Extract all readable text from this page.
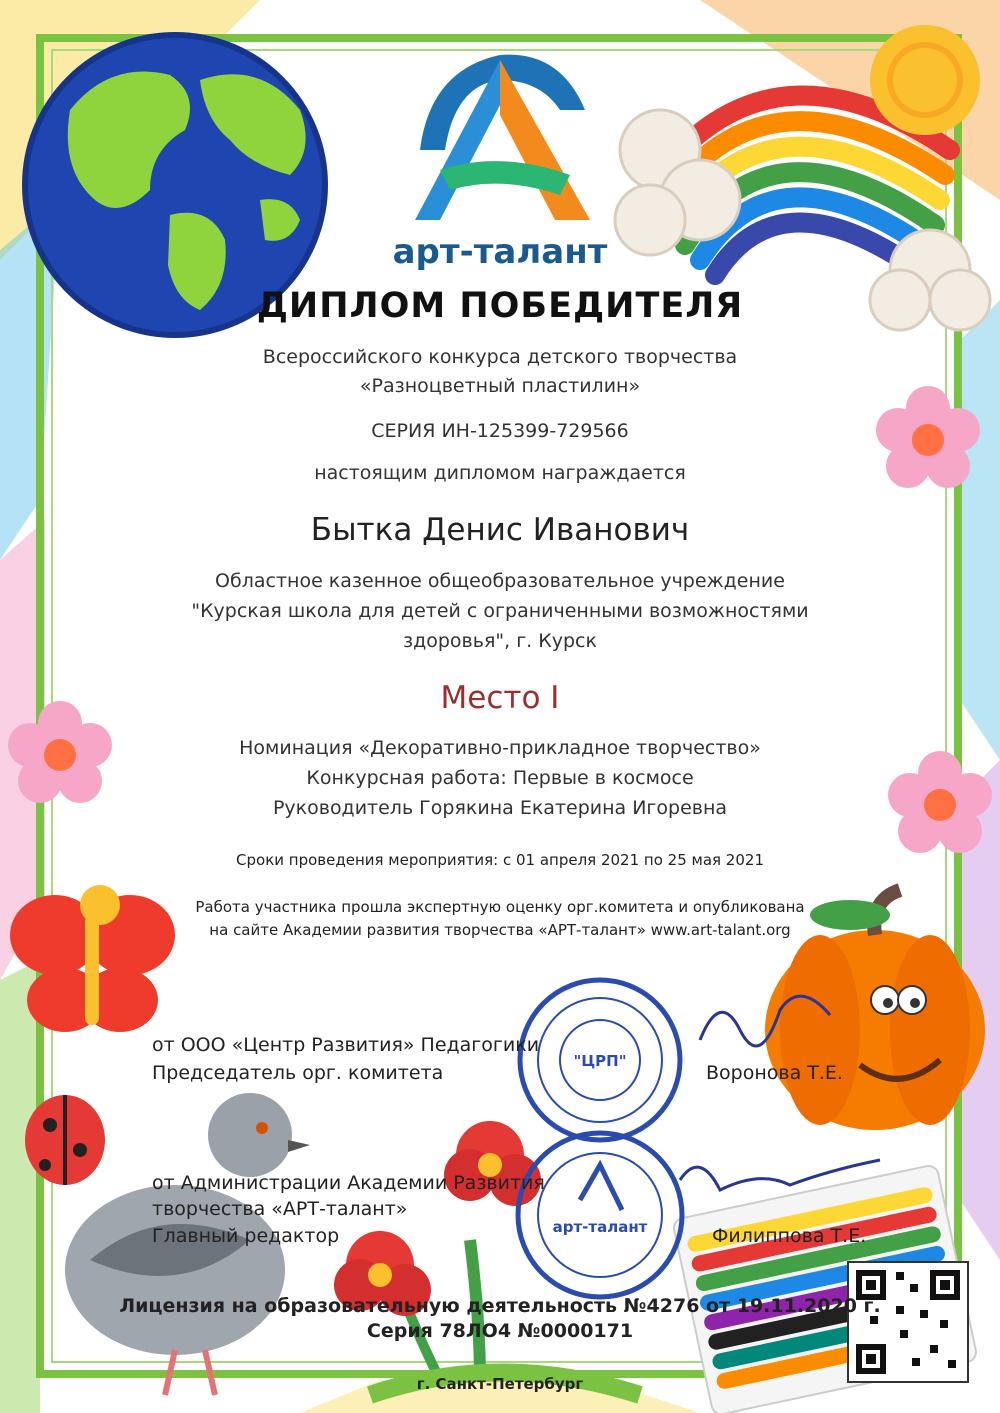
"ЦРП"
арт-талант
арт-талант
ДИПЛОМ ПОБЕДИТЕЛЯ
Всероссийского конкурса детского творчества
«Разноцветный пластилин»
СЕРИЯ ИН-125399-729566
настоящим дипломом награждается
Бытка Денис Иванович
Областное казенное общеобразовательное учреждение
"Курская школа для детей с ограниченными возможностями
здоровья", г. Курск
Место I
Номинация «Декоративно-прикладное творчество»
Конкурсная работа: Первые в космосе
Руководитель Горякина Екатерина Игоревна
Сроки проведения мероприятия: с 01 апреля 2021 по 25 мая 2021
Работа участника прошла экспертную оценку орг.комитета и опубликована
на сайте Академии развития творчества «АРТ-талант» www.art-talant.org
от ООО «Центр Развития» Педагогики
Председатель орг. комитета	Воронова Т.Е.
от Администрации Академии Развития
творчества «АРТ-талант»
Главный редактор	Филиппова Т.Е.
Лицензия на образовательную деятельность №4276 от 19.11.2020 г.
Серия 78ЛО4 №0000171
г. Санкт-Петербург
